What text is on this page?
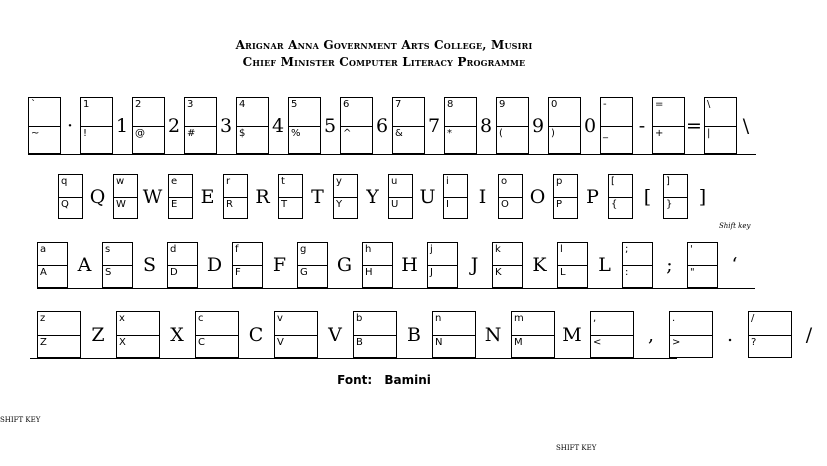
Arignar Anna Government Arts College, Musiri
Chief Minister Computer Literacy Programme
`
~	·
1
! 1
2
@ 2
3
# 3
4
$ 4
5
% 5
6
^ 6
7
& 7
8
* 8
9
( 9
0
) 0
-
_	-
=
+ =
\
|	\
q
Q	Q
w
W W
e
E	E
r
R	R
t
T	T
y
Y	Y
u
U	U
i
I	I
o
O	O
p
P	P
[
{	[
]
}	]
a
A	A
s
S	S
d
D	D
f
F	F
g
G	G
h
H	H
j
J	J
k
K	K
l
L	L
;
:	;
'
"	‘
z
Z	Z
x
X	X
c
C	C
v
V	V
b
B	B
n
N	N
m
M	M
,
<	,
.
>	.
/
?	/
Font: Bamini
Shift key
SHIFT KEY
SHIFT KEY
